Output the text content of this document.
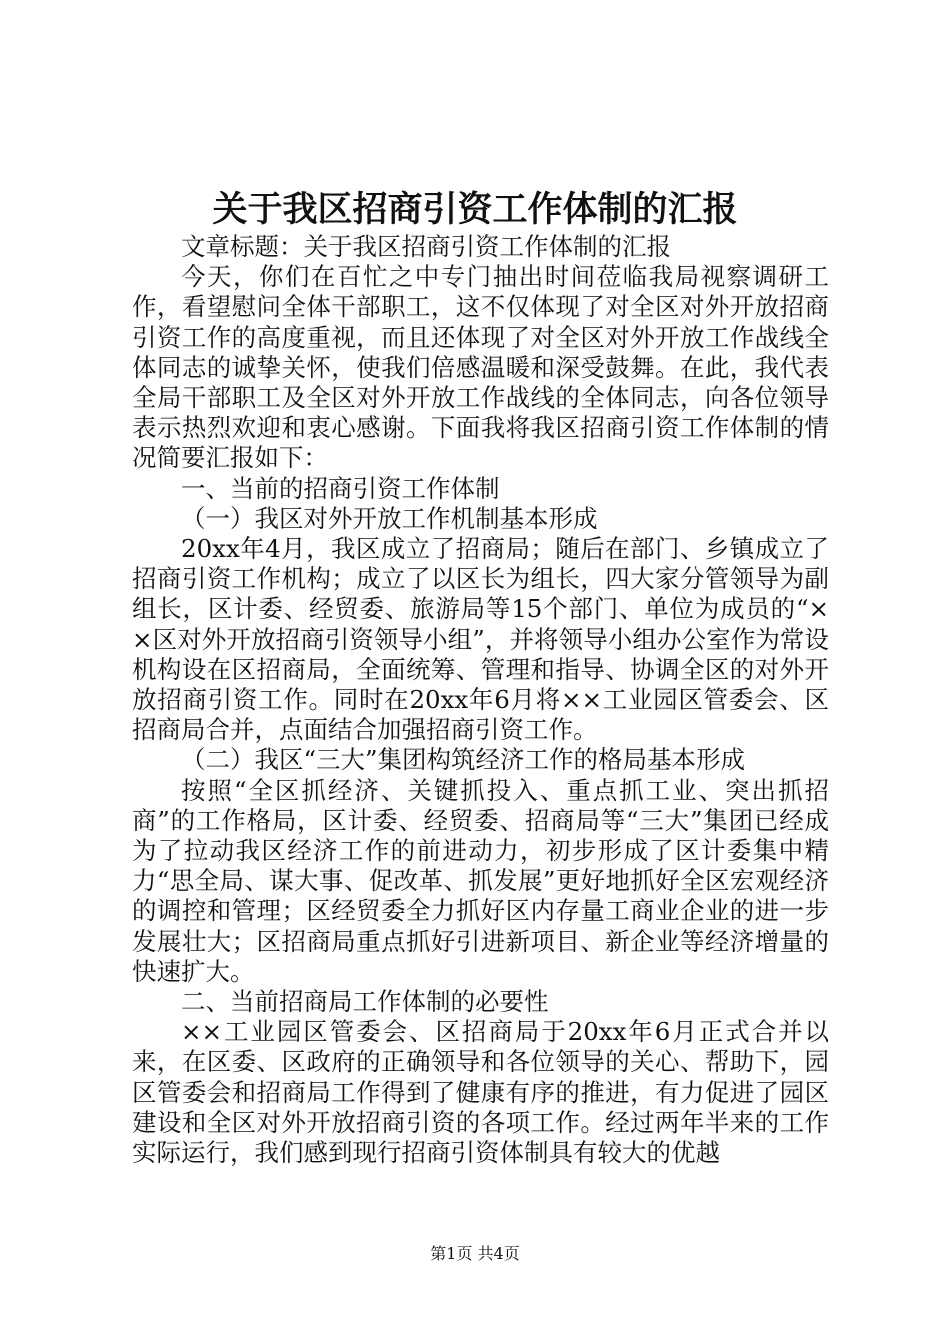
关于我区招商引资工作体制的汇报

文章标题：关于我区招商引资工作体制的汇报

今天，你们在百忙之中专门抽出时间莅临我局视察调研工作，看望慰问全体干部职工，这不仅体现了对全区对外开放招商引资工作的高度重视，而且还体现了对全区对外开放工作战线全体同志的诚挚关怀，使我们倍感温暖和深受鼓舞。在此，我代表全局干部职工及全区对外开放工作战线的全体同志，向各位领导表示热烈欢迎和衷心感谢。下面我将我区招商引资工作体制的情况简要汇报如下：

一、当前的招商引资工作体制

（一）我区对外开放工作机制基本形成

20xx年4月，我区成立了招商局；随后在部门、乡镇成立了招商引资工作机构；成立了以区长为组长，四大家分管领导为副组长，区计委、经贸委、旅游局等15个部门、单位为成员的“××区对外开放招商引资领导小组”，并将领导小组办公室作为常设机构设在区招商局，全面统筹、管理和指导、协调全区的对外开放招商引资工作。同时在20xx年6月将××工业园区管委会、区招商局合并，点面结合加强招商引资工作。

（二）我区“三大”集团构筑经济工作的格局基本形成

按照“全区抓经济、关键抓投入、重点抓工业、突出抓招商”的工作格局，区计委、经贸委、招商局等“三大”集团已经成为了拉动我区经济工作的前进动力，初步形成了区计委集中精力“思全局、谋大事、促改革、抓发展”更好地抓好全区宏观经济的调控和管理；区经贸委全力抓好区内存量工商业企业的进一步发展壮大；区招商局重点抓好引进新项目、新企业等经济增量的快速扩大。

二、当前招商局工作体制的必要性

××工业园区管委会、区招商局于20xx年6月正式合并以来，在区委、区政府的正确领导和各位领导的关心、帮助下，园区管委会和招商局工作得到了健康有序的推进，有力促进了园区建设和全区对外开放招商引资的各项工作。经过两年半来的工作实际运行，我们感到现行招商引资体制具有较大的优越

第1页 共4页
